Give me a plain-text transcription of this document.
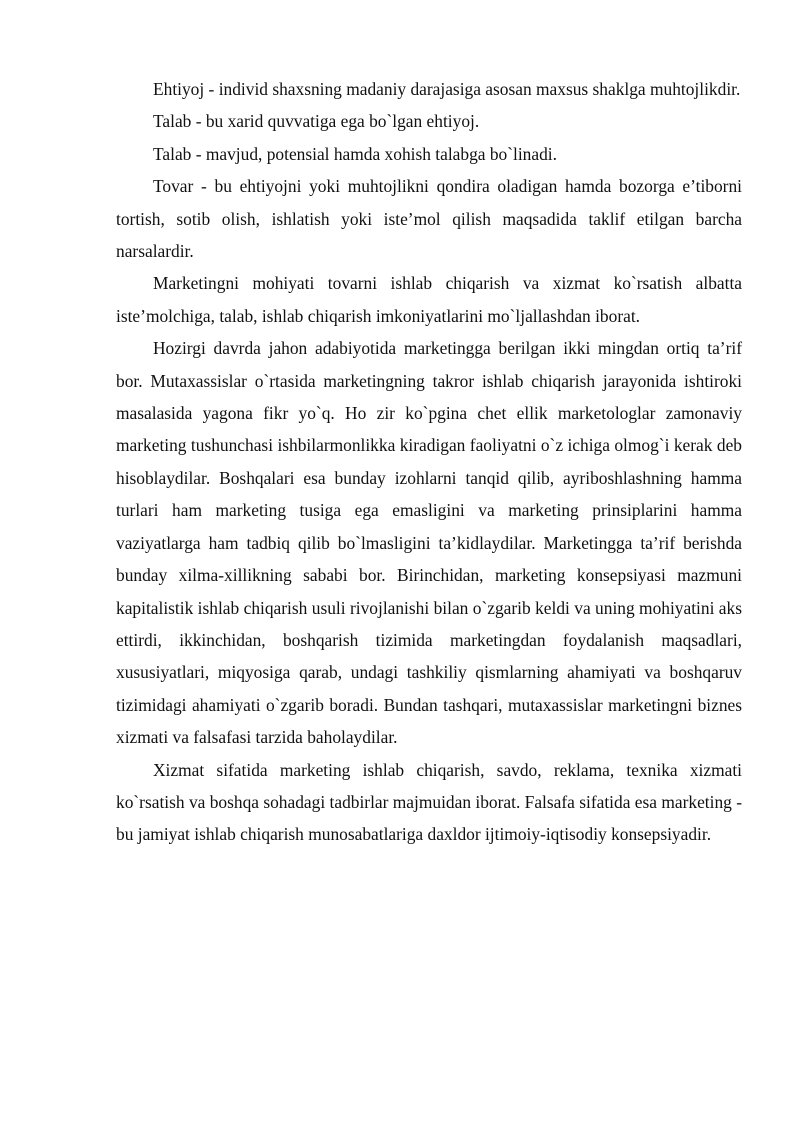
Ehtiyoj - individ shaxsning madaniy darajasiga asosan maxsus shaklga muhtojlikdir.

Talab - bu xarid quvvatiga ega bo`lgan ehtiyoj.

Talab - mavjud, potensial hamda xohish talabga bo`linadi.

Tovar - bu ehtiyojni yoki muhtojlikni qondira oladigan hamda bozorga e’tiborni tortish, sotib olish, ishlatish yoki iste’mol qilish maqsadida taklif etilgan barcha narsalardir.

Marketingni mohiyati tovarni ishlab chiqarish va xizmat ko`rsatish albatta iste’molchiga, talab, ishlab chiqarish imkoniyatlarini mo`ljallashdan iborat.

Hozirgi davrda jahon adabiyotida marketingga berilgan ikki mingdan ortiq ta’rif bor. Mutaxassislar o`rtasida marketingning takror ishlab chiqarish jarayonida ishtiroki masalasida yagona fikr yo`q. Ho zir ko`pgina chet ellik marketologlar zamonaviy marketing tushunchasi ishbilarmonlikka kiradigan faoliyatni o`z ichiga olmog`i kerak deb hisoblaydilar. Boshqalari esa bunday izohlarni tanqid qilib, ayriboshlashning hamma turlari ham marketing tusiga ega emasligini va marketing prinsiplarini hamma vaziyatlarga ham tadbiq qilib bo`lmasligini ta’kidlaydilar. Marketingga ta’rif berishda bunday xilma-xillikning sababi bor. Birinchidan, marketing konsepsiyasi mazmuni kapitalistik ishlab chiqarish usuli rivojlanishi bilan o`zgarib keldi va uning mohiyatini aks ettirdi, ikkinchidan, boshqarish tizimida marketingdan foydalanish maqsadlari, xususiyatlari, miqyosiga qarab, undagi tashkiliy qismlarning ahamiyati va boshqaruv tizimidagi ahamiyati o`zgarib boradi. Bundan tashqari, mutaxassislar marketingni biznes xizmati va falsafasi tarzida baholaydilar.

Xizmat sifatida marketing ishlab chiqarish, savdo, reklama, texnika xizmati ko`rsatish va boshqa sohadagi tadbirlar majmuidan iborat. Falsafa sifatida esa marketing - bu jamiyat ishlab chiqarish munosabatlariga daxldor ijtimoiy-iqtisodiy konsepsiyadir.
